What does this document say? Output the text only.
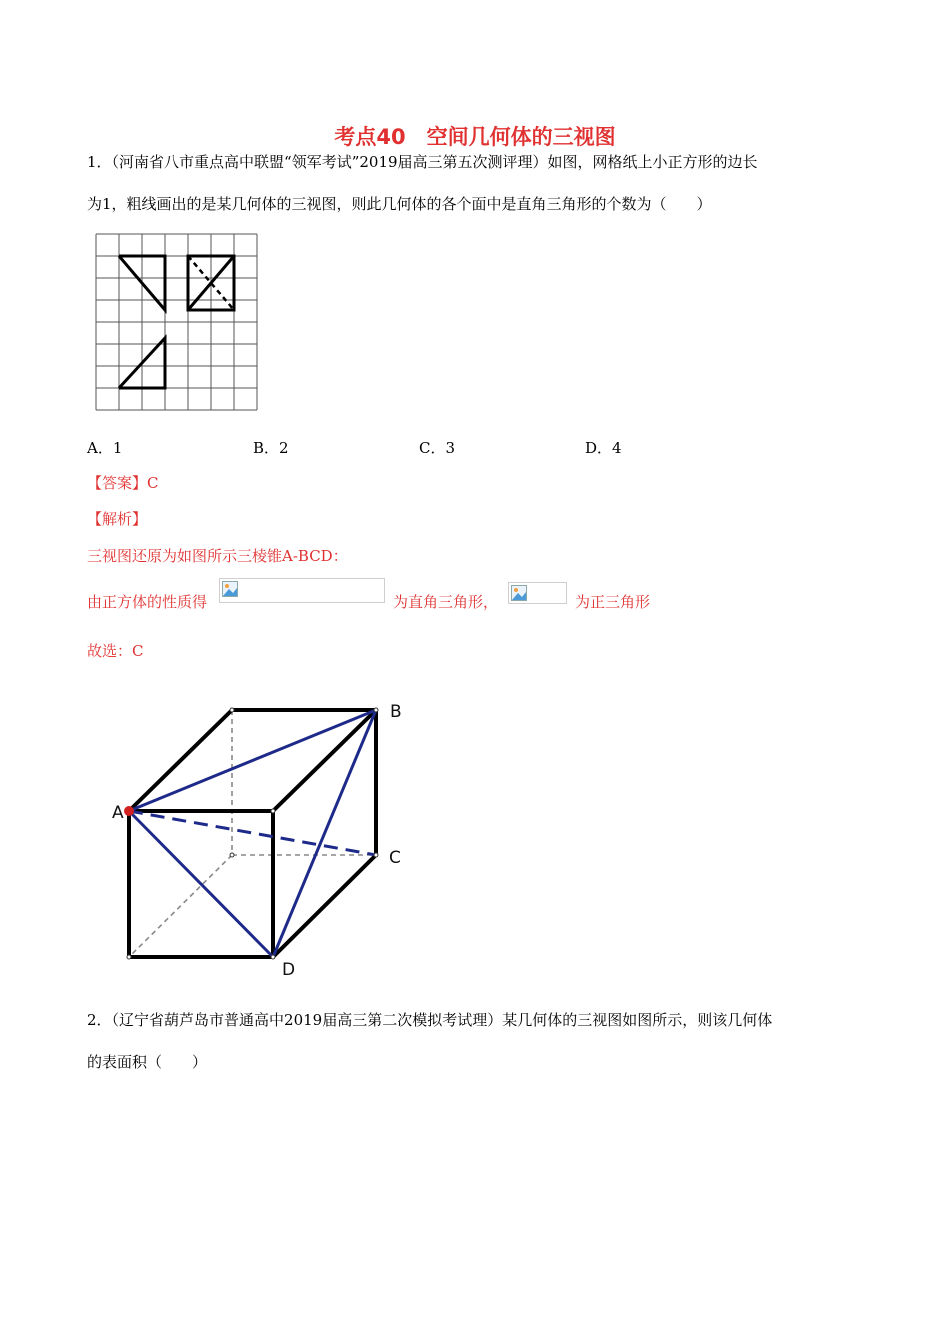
考点40　空间几何体的三视图
1．（河南省八市重点高中联盟“领军考试”2019届高三第五次测评理）如图，网格纸上小正方形的边长
为1，粗线画出的是某几何体的三视图，则此几何体的各个面中是直角三角形的个数为（　　）
A．1	B．2	C．3	D．4
【答案】C
【解析】
三视图还原为如图所示三棱锥A-BCD：
由正方体的性质得	为直角三角形，	为正三角形
故选：C
A
B
C
D
2．（辽宁省葫芦岛市普通高中2019届高三第二次模拟考试理）某几何体的三视图如图所示，则该几何体
的表面积（　　）
